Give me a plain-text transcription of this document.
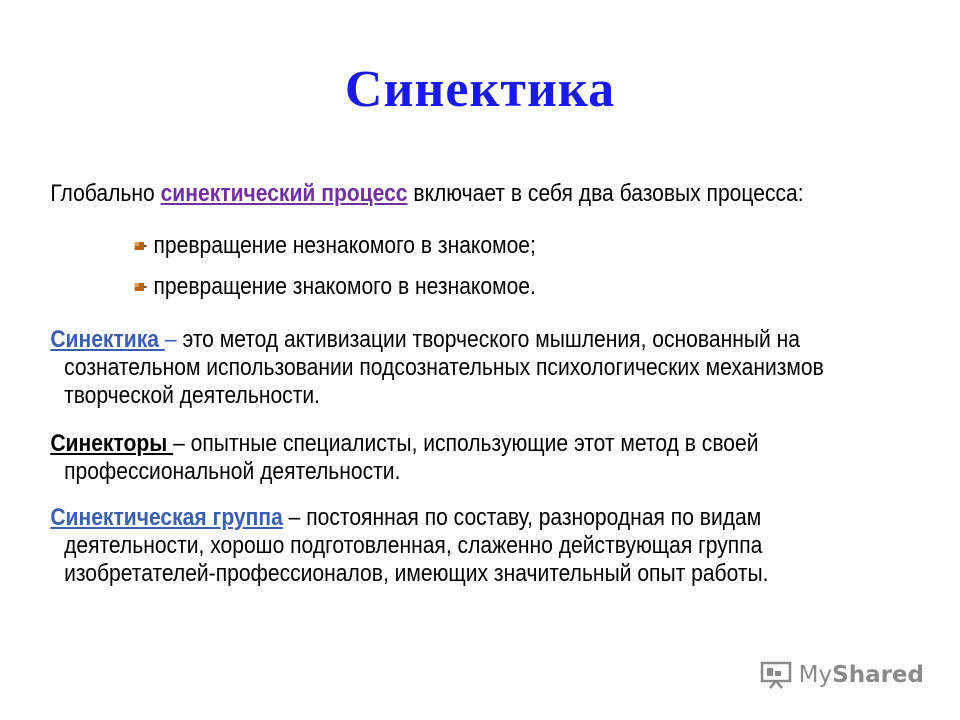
Синектика

Глобально синектический процесс включает в себя два базовых процесса:

превращение незнакомого в знакомое;
превращение знакомого в незнакомое.

Синектика – это метод активизации творческого мышления, основанный на сознательном использовании подсознательных психологических механизмов творческой деятельности.

Синекторы – опытные специалисты, использующие этот метод в своей профессиональной деятельности.

Синектическая группа – постоянная по составу, разнородная по видам деятельности, хорошо подготовленная, слаженно действующая группа изобретателей-профессионалов, имеющих значительный опыт работы.

My Shared
